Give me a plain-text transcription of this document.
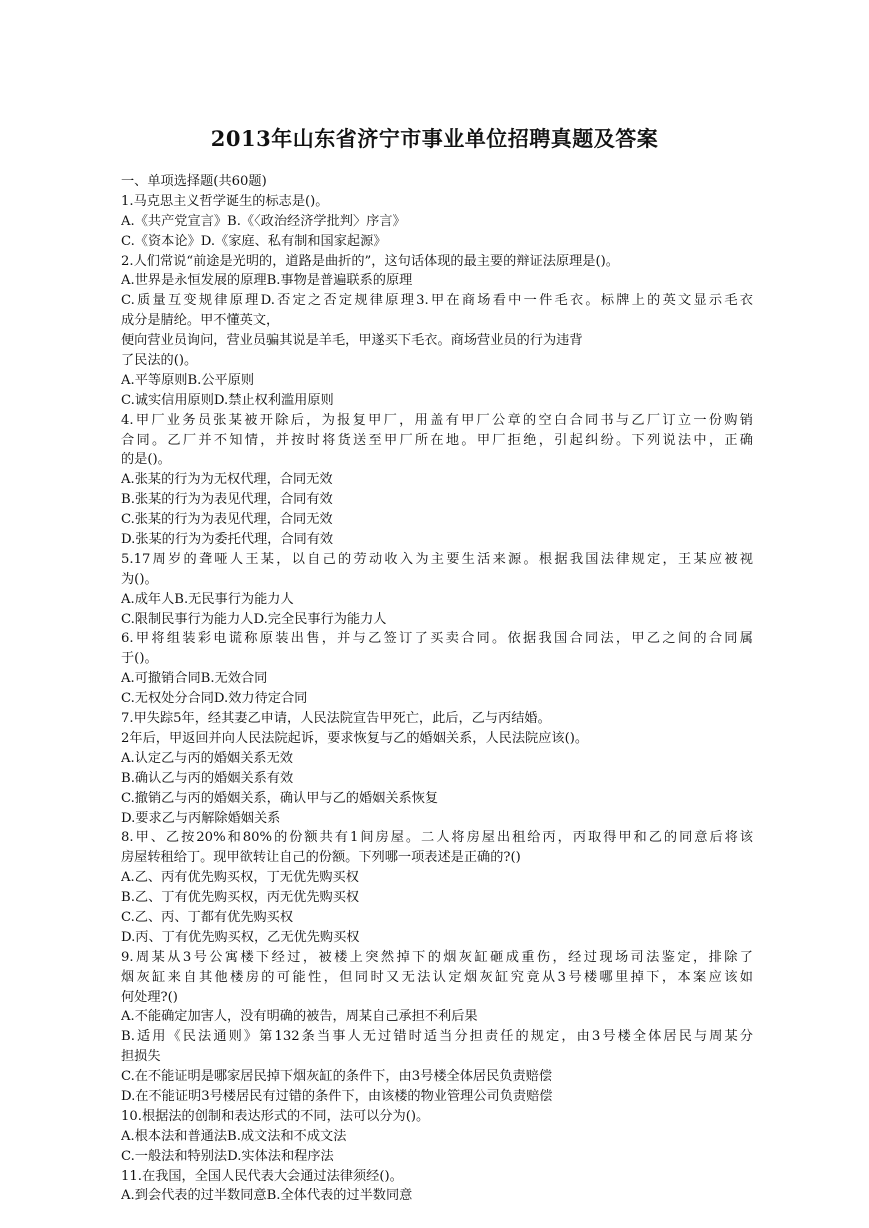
2013年山东省济宁市事业单位招聘真题及答案
一、单项选择题(共60题)
1.马克思主义哲学诞生的标志是()。
A.《共产党宣言》B.《〈政治经济学批判〉序言》
C.《资本论》D.《家庭、私有制和国家起源》
2.人们常说“前途是光明的，道路是曲折的”，这句话体现的最主要的辩证法原理是()。
A.世界是永恒发展的原理B.事物是普遍联系的原理
C.质量互变规律原理D.否定之否定规律原理3.甲在商场看中一件毛衣。标牌上的英文显示毛衣
成分是腈纶。甲不懂英文，
便向营业员询问，营业员骗其说是羊毛，甲遂买下毛衣。商场营业员的行为违背
了民法的()。
A.平等原则B.公平原则
C.诚实信用原则D.禁止权利滥用原则
4.甲厂业务员张某被开除后，为报复甲厂，用盖有甲厂公章的空白合同书与乙厂订立一份购销
合同。乙厂并不知情，并按时将货送至甲厂所在地。甲厂拒绝，引起纠纷。下列说法中，正确
的是()。
A.张某的行为为无权代理，合同无效
B.张某的行为为表见代理，合同有效
C.张某的行为为表见代理，合同无效
D.张某的行为为委托代理，合同有效
5.17周岁的聋哑人王某，以自己的劳动收入为主要生活来源。根据我国法律规定，王某应被视
为()。
A.成年人B.无民事行为能力人
C.限制民事行为能力人D.完全民事行为能力人
6.甲将组装彩电谎称原装出售，并与乙签订了买卖合同。依据我国合同法，甲乙之间的合同属
于()。
A.可撤销合同B.无效合同
C.无权处分合同D.效力待定合同
7.甲失踪5年，经其妻乙申请，人民法院宣告甲死亡，此后，乙与丙结婚。
2年后，甲返回并向人民法院起诉，要求恢复与乙的婚姻关系，人民法院应该()。
A.认定乙与丙的婚姻关系无效
B.确认乙与丙的婚姻关系有效
C.撤销乙与丙的婚姻关系，确认甲与乙的婚姻关系恢复
D.要求乙与丙解除婚姻关系
8.甲、乙按20%和80%的份额共有1间房屋。二人将房屋出租给丙，丙取得甲和乙的同意后将该
房屋转租给丁。现甲欲转让自己的份额。下列哪一项表述是正确的?()
A.乙、丙有优先购买权，丁无优先购买权
B.乙、丁有优先购买权，丙无优先购买权
C.乙、丙、丁都有优先购买权
D.丙、丁有优先购买权，乙无优先购买权
9.周某从3号公寓楼下经过，被楼上突然掉下的烟灰缸砸成重伤，经过现场司法鉴定，排除了
烟灰缸来自其他楼房的可能性，但同时又无法认定烟灰缸究竟从3号楼哪里掉下，本案应该如
何处理?()
A.不能确定加害人，没有明确的被告，周某自己承担不利后果
B.适用《民法通则》第132条当事人无过错时适当分担责任的规定，由3号楼全体居民与周某分
担损失
C.在不能证明是哪家居民掉下烟灰缸的条件下，由3号楼全体居民负责赔偿
D.在不能证明3号楼居民有过错的条件下，由该楼的物业管理公司负责赔偿
10.根据法的创制和表达形式的不同，法可以分为()。
A.根本法和普通法B.成文法和不成文法
C.一般法和特别法D.实体法和程序法
11.在我国，全国人民代表大会通过法律须经()。
A.到会代表的过半数同意B.全体代表的过半数同意
